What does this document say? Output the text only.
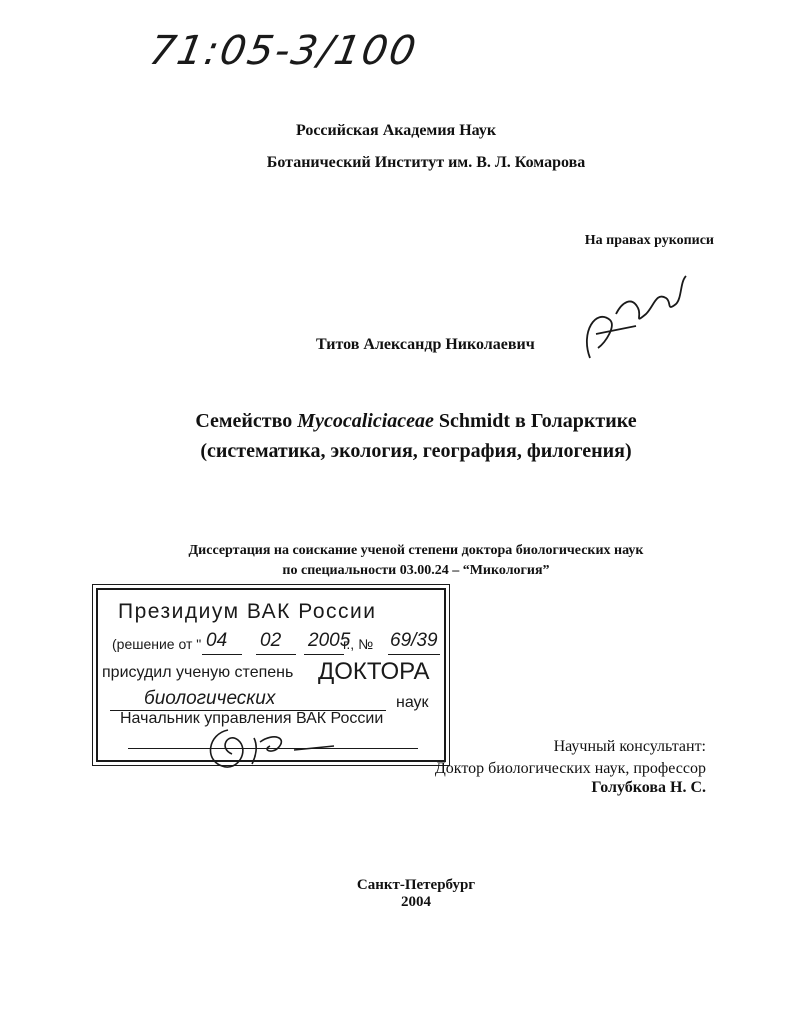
71:05-3/100
Российская Академия Наук
Ботанический Институт им. В. Л. Комарова
На правах рукописи
Титов Александр Николаевич
Семейство Mycocaliciaceae Schmidt в Голарктике
(систематика, экология, география, филогения)
Диссертация на соискание ученой степени доктора биологических наук
по специальности 03.00.24 – “Микология”
Президиум ВАК России
(решение от " 04 02 2005
г., № 69/39
присудил ученую степень ДОКТОРА
биологических	наук
Начальник управления ВАК России
Научный консультант:
Доктор биологических наук, профессор
Голубкова Н. С.
Санкт-Петербург
2004
